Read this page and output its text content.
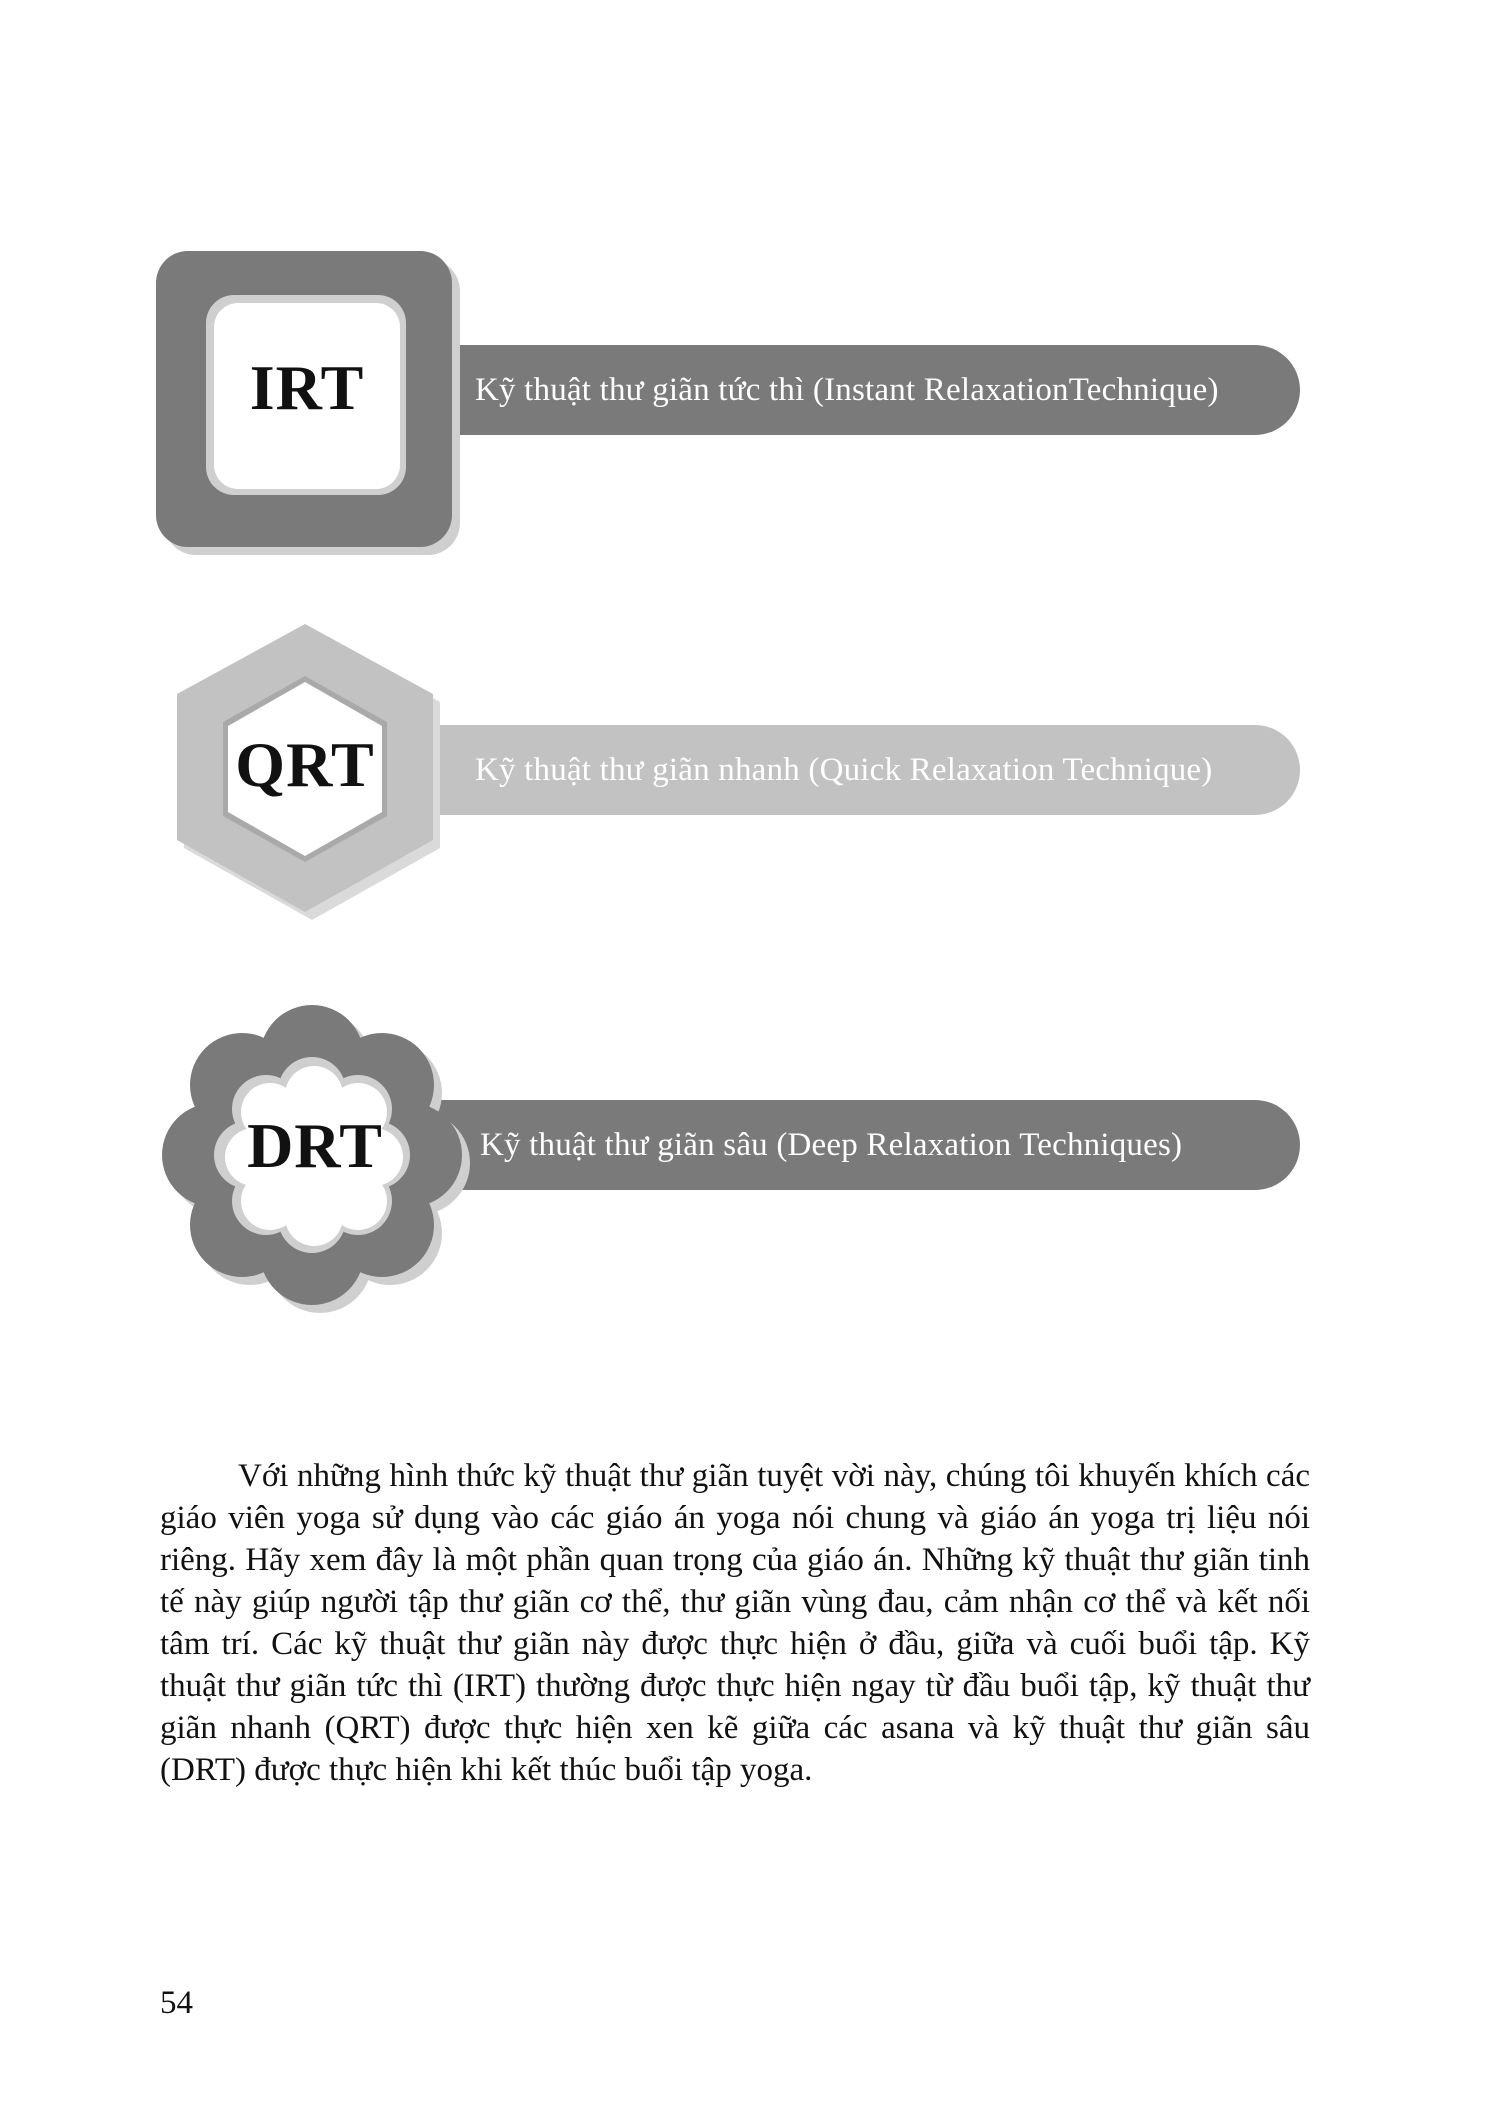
IRT	Kỹ thuật thư giãn tức thì (Instant RelaxationTechnique)
QRT	Kỹ thuật thư giãn nhanh (Quick Relaxation Technique)
DRT	Kỹ thuật thư giãn sâu (Deep Relaxation Techniques)

Với những hình thức kỹ thuật thư giãn tuyệt vời này, chúng tôi khuyến khích các giáo viên yoga sử dụng vào các giáo án yoga nói chung và giáo án yoga trị liệu nói riêng. Hãy xem đây là một phần quan trọng của giáo án. Những kỹ thuật thư giãn tinh tế này giúp người tập thư giãn cơ thể, thư giãn vùng đau, cảm nhận cơ thể và kết nối tâm trí. Các kỹ thuật thư giãn này được thực hiện ở đầu, giữa và cuối buổi tập. Kỹ thuật thư giãn tức thì (IRT) thường được thực hiện ngay từ đầu buổi tập, kỹ thuật thư giãn nhanh (QRT) được thực hiện xen kẽ giữa các asana và kỹ thuật thư giãn sâu (DRT) được thực hiện khi kết thúc buổi tập yoga.

54
